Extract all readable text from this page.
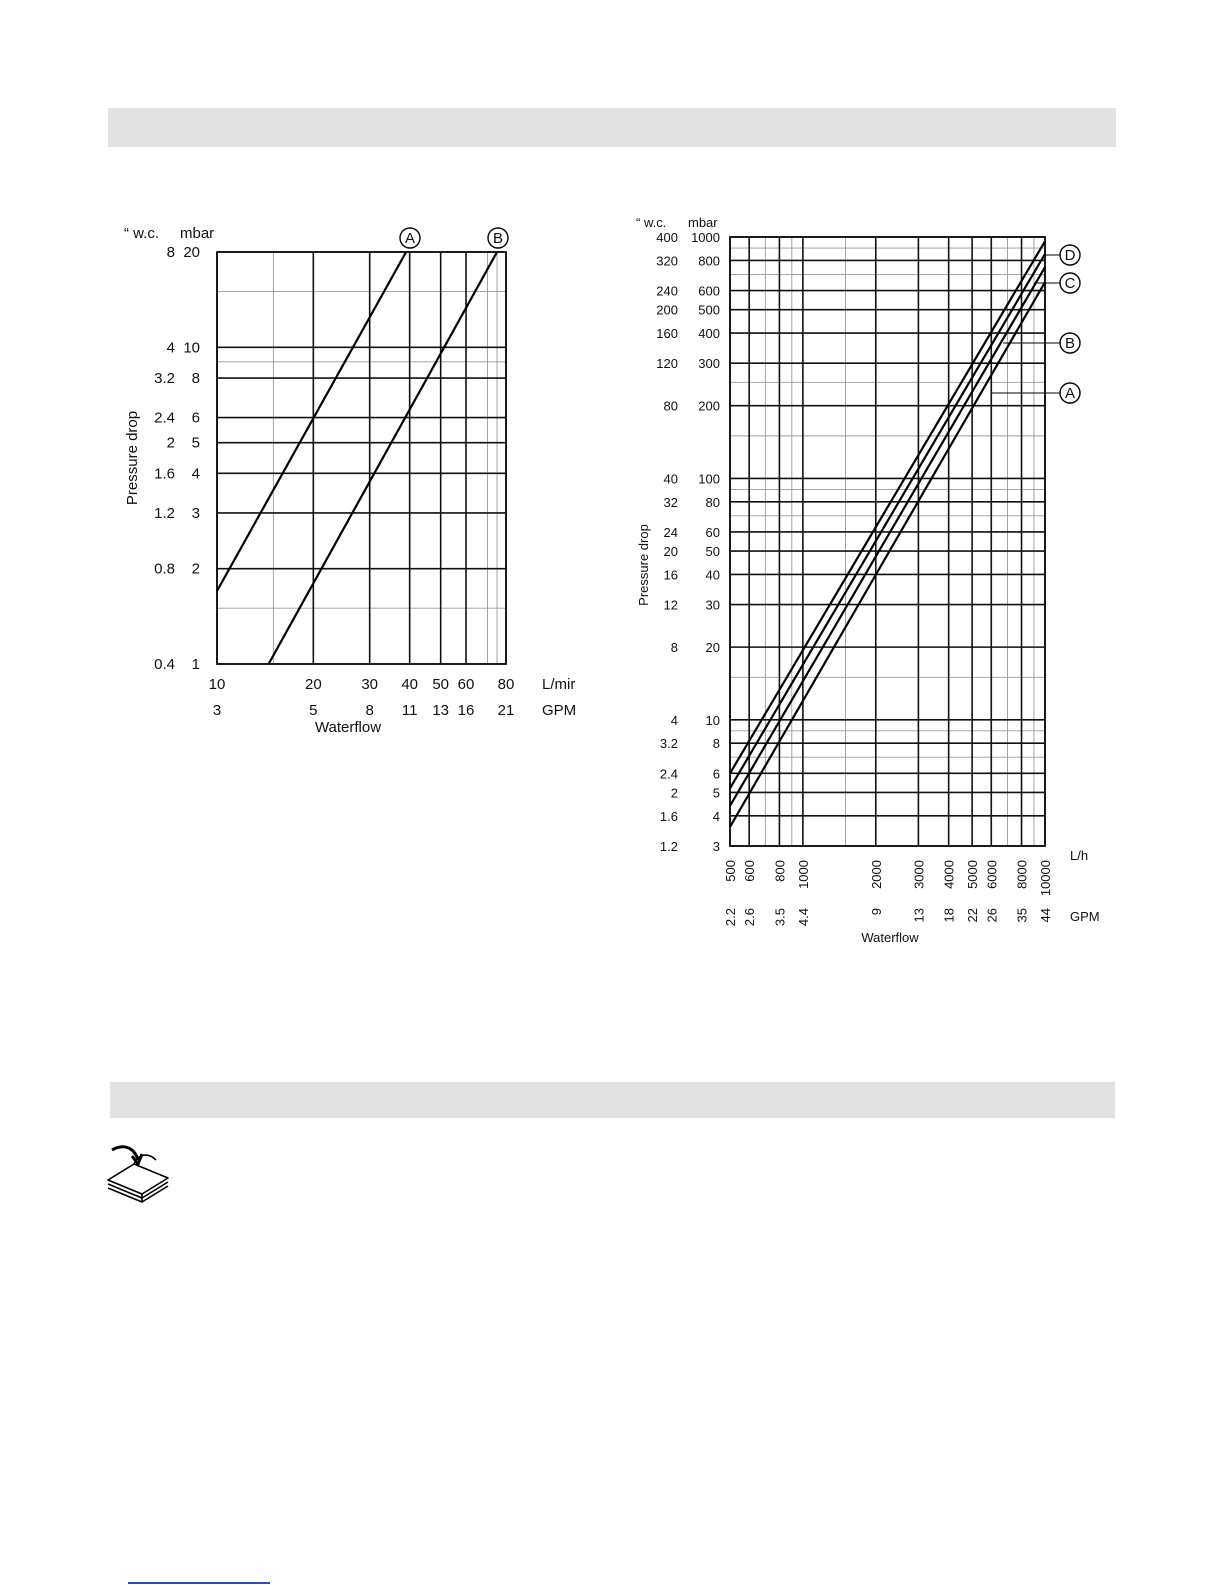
A	B
1
0.4
2
0.8
3
1.2
4
1.6
5
2
6
2.4
8
3.2
10
4
20
8
10
3
20
5
30
8
40
11
50
13
60
16
80
21
L/mir
GPM
Waterflow
Pressure drop
“ w.c. mbar
A
B
C
D
3
1.2
4
1.6
5
2
6
2.4
8
3.2
10
4
20
8
30
12
40
16
50
20
60
24
80
32
100
40
200
80
300
120
400
160
500
200
600
240
800
320
1000
400
500
2.2
600
2.6
800
3.5
1000
4.4
2000
9
3000
13
4000
18
5000
22
6000
26
8000
35
10000
44
L/h
GPM
Waterflow
Pressure drop
“ w.c. mbar
